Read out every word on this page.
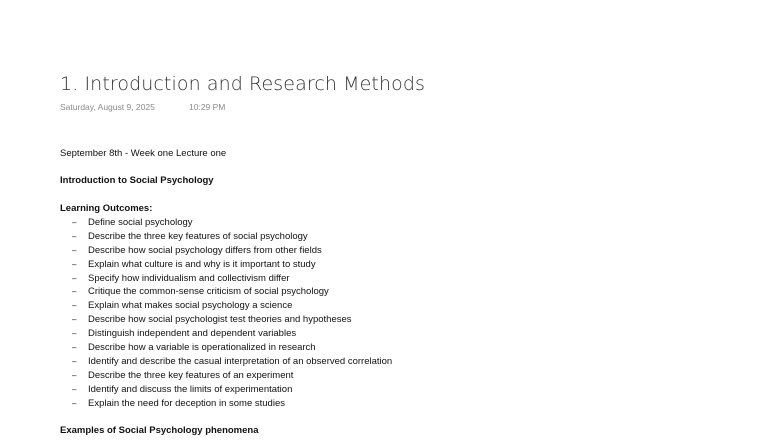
1. Introduction and Research Methods
Saturday, August 9, 2025	10:29 PM
September 8th - Week one Lecture one
Introduction to Social Psychology
Learning Outcomes:
– Define social psychology
– Describe the three key features of social psychology
– Describe how social psychology differs from other fields
– Explain what culture is and why is it important to study
– Specify how individualism and collectivism differ
– Critique the common-sense criticism of social psychology
– Explain what makes social psychology a science
– Describe how social psychologist test theories and hypotheses
– Distinguish independent and dependent variables
– Describe how a variable is operationalized in research
– Identify and describe the casual interpretation of an observed correlation
– Describe the three key features of an experiment
– Identify and discuss the limits of experimentation
– Explain the need for deception in some studies
Examples of Social Psychology phenomena
